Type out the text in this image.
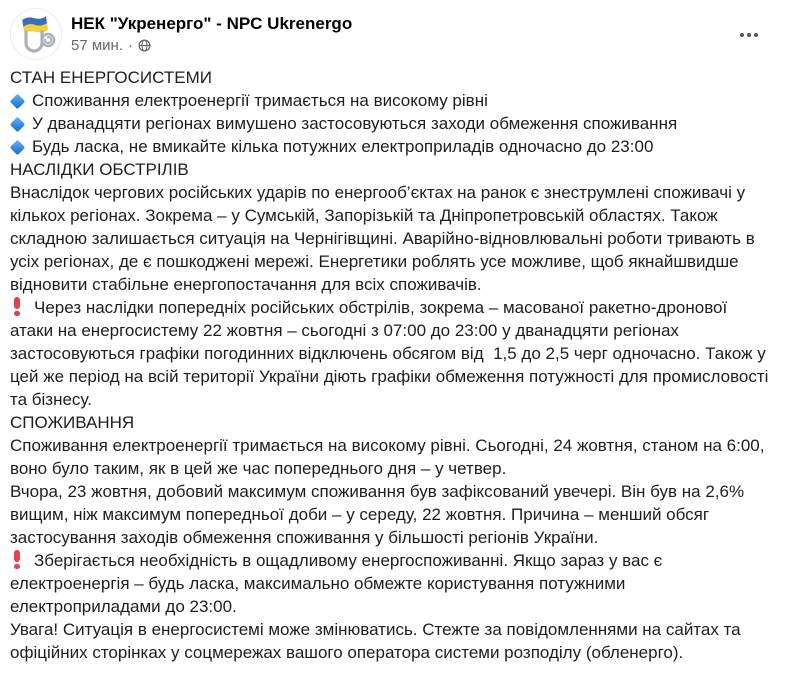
НЕК "Укренерго" - NPC Ukrenergo
57 мин. ·

СТАН ЕНЕРГОСИСТЕМИ

Споживання електроенергії тримається на високому рівні

У дванадцяти регіонах вимушено застосовуються заходи обмеження споживання

Будь ласка, не вмикайте кілька потужних електроприладів одночасно до 23:00

НАСЛІДКИ ОБСТРІЛІВ

Внаслідок чергових російських ударів по енергооб’єктах на ранок є знеструмлені споживачі у кількох регіонах. Зокрема – у Сумській, Запорізькій та Дніпропетровській областях. Також складною залишається ситуація на Чернігівщині. Аварійно-відновлювальні роботи тривають в усіх регіонах, де є пошкоджені мережі. Енергетики роблять усе можливе, щоб якнайшвидше відновити стабільне енергопостачання для всіх споживачів.

Через наслідки попередніх російських обстрілів, зокрема – масованої ракетно-дронової атаки на енергосистему 22 жовтня – сьогодні з 07:00 до 23:00 у дванадцяти регіонах застосовуються графіки погодинних відключень обсягом від  1,5 до 2,5 черг одночасно. Також у цей же період на всій території України діють графіки обмеження потужності для промисловості та бізнесу.

СПОЖИВАННЯ

Споживання електроенергії тримається на високому рівні. Сьогодні, 24 жовтня, станом на 6:00, воно було таким, як в цей же час попереднього дня – у четвер.

Вчора, 23 жовтня, добовий максимум споживання був зафіксований увечері. Він був на 2,6% вищим, ніж максимум попередньої доби – у середу, 22 жовтня. Причина – менший обсяг застосування заходів обмеження споживання у більшості регіонів України.

Зберігається необхідність в ощадливому енергоспоживанні. Якщо зараз у вас є електроенергія – будь ласка, максимально обмежте користування потужними електроприладами до 23:00.

Увага! Ситуація в енергосистемі може змінюватись. Стежте за повідомленнями на сайтах та офіційних сторінках у соцмережах вашого оператора системи розподілу (обленерго).
